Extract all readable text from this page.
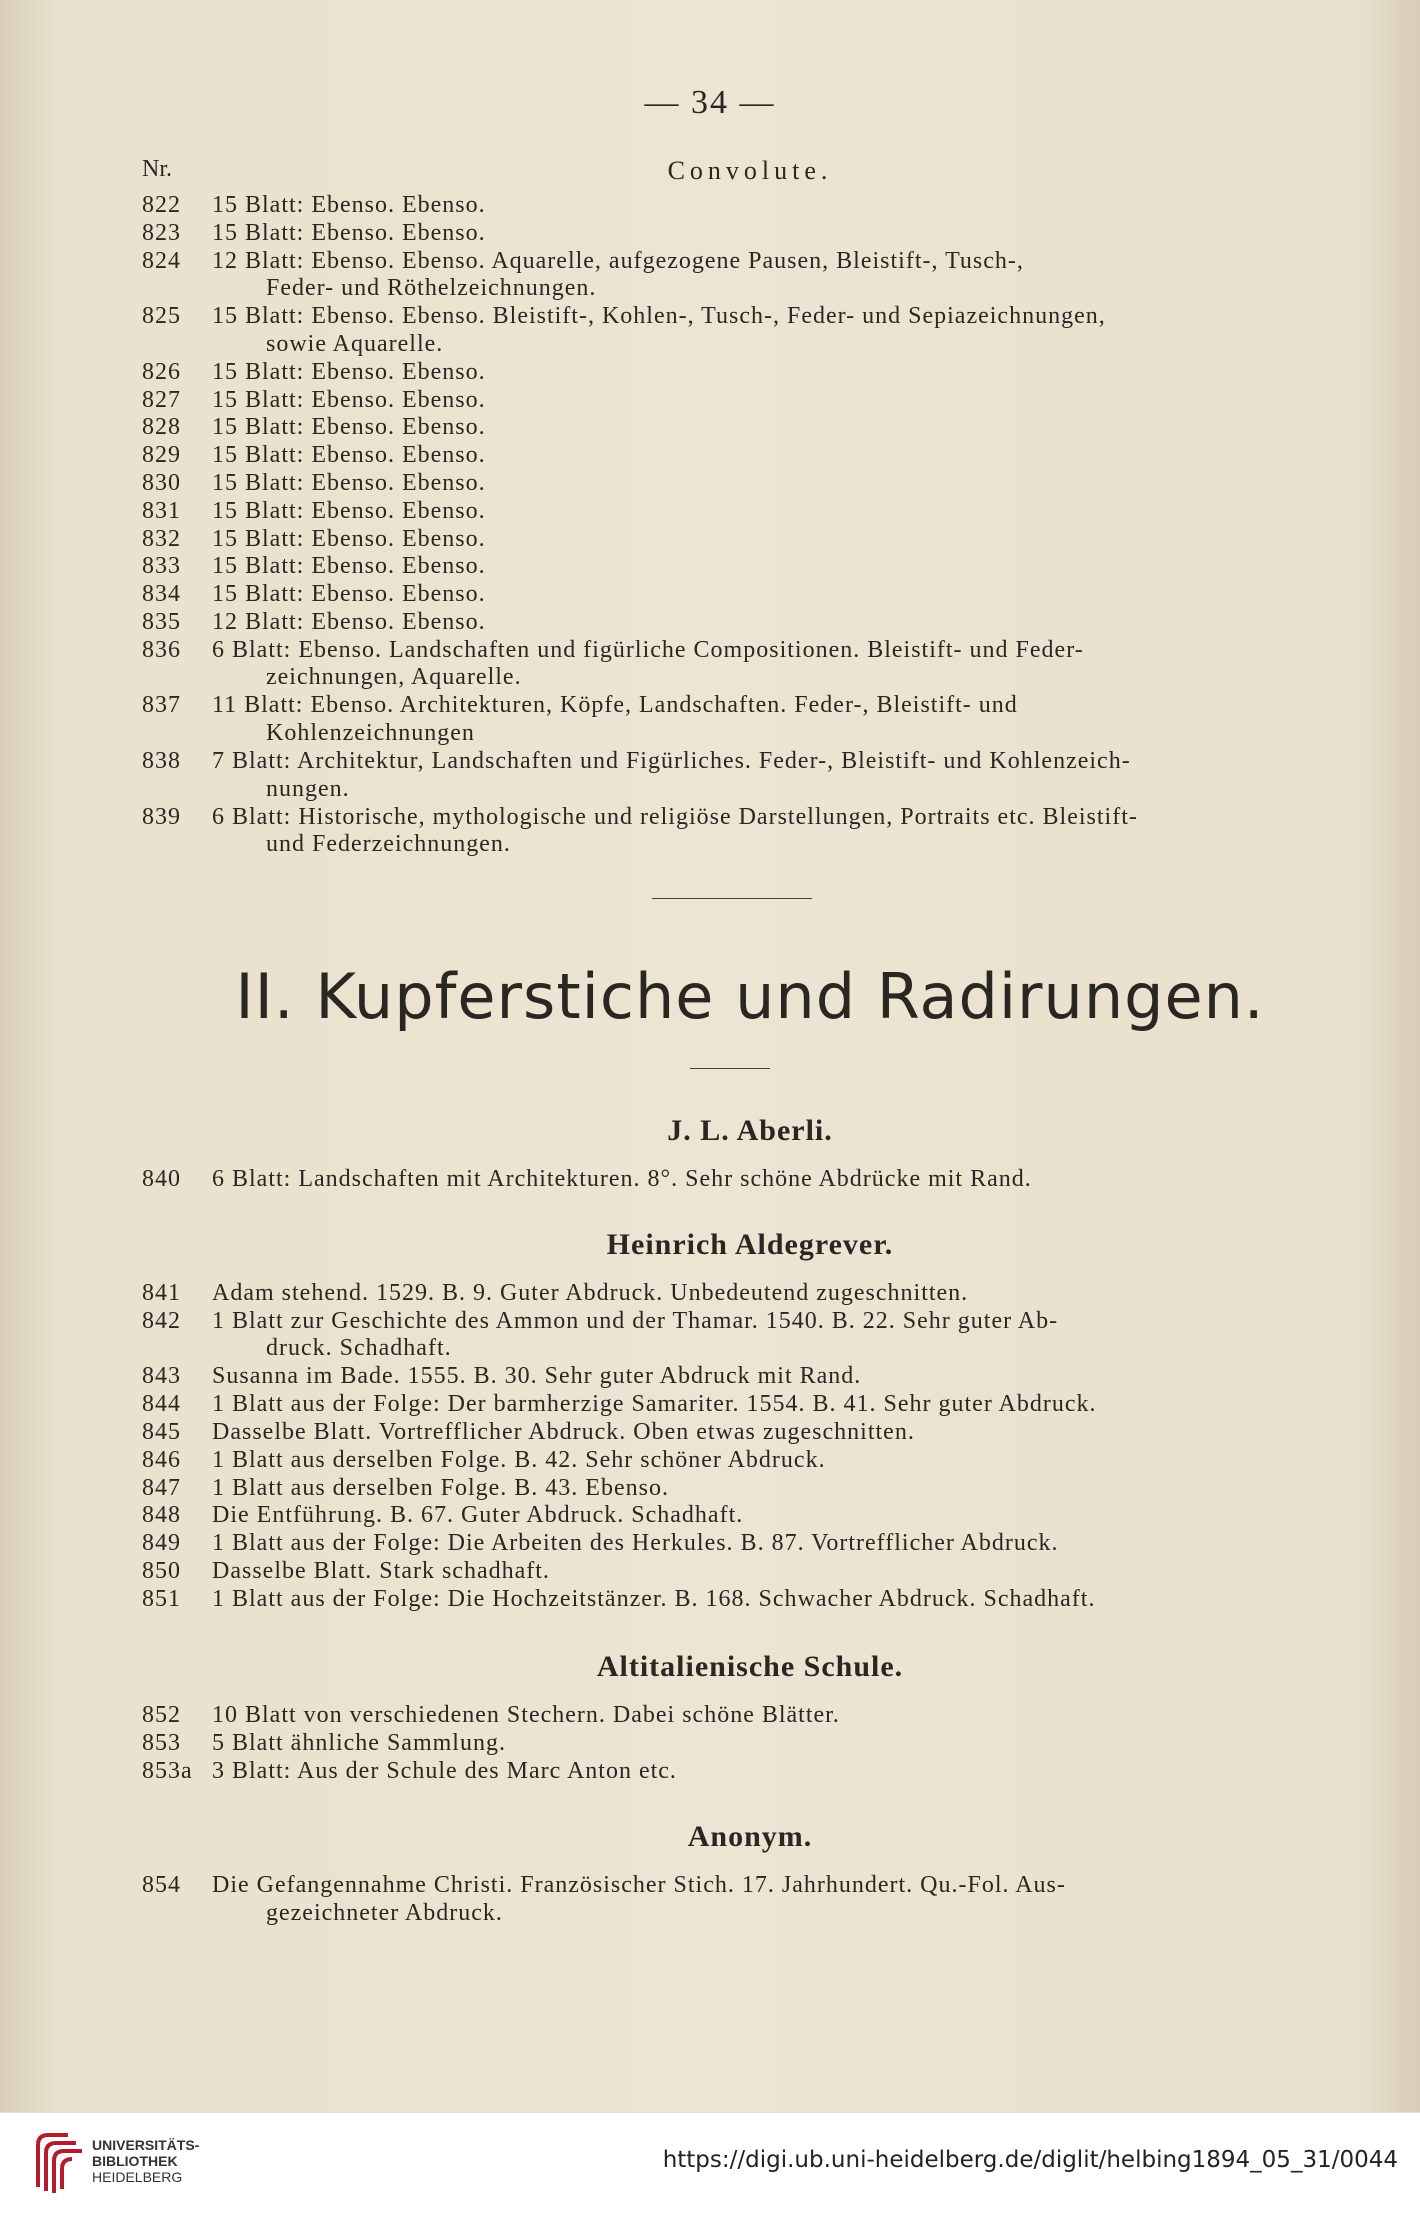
— 34 —
Nr.	Convolute.
822	15 Blatt: Ebenso. Ebenso.
823	15 Blatt: Ebenso. Ebenso.
824	12 Blatt: Ebenso. Ebenso. Aquarelle, aufgezogene Pausen, Bleistift-, Tusch-,
Feder- und Röthelzeichnungen.
825	15 Blatt: Ebenso. Ebenso. Bleistift-, Kohlen-, Tusch-, Feder- und Sepiazeichnungen,
sowie Aquarelle.
826	15 Blatt: Ebenso. Ebenso.
827	15 Blatt: Ebenso. Ebenso.
828	15 Blatt: Ebenso. Ebenso.
829	15 Blatt: Ebenso. Ebenso.
830	15 Blatt: Ebenso. Ebenso.
831	15 Blatt: Ebenso. Ebenso.
832	15 Blatt: Ebenso. Ebenso.
833	15 Blatt: Ebenso. Ebenso.
834	15 Blatt: Ebenso. Ebenso.
835	12 Blatt: Ebenso. Ebenso.
836	6 Blatt: Ebenso. Landschaften und figürliche Compositionen. Bleistift- und Feder-
zeichnungen, Aquarelle.
837	11 Blatt: Ebenso. Architekturen, Köpfe, Landschaften. Feder-, Bleistift- und
Kohlenzeichnungen
838	7 Blatt: Architektur, Landschaften und Figürliches. Feder-, Bleistift- und Kohlenzeich-
nungen.
839	6 Blatt: Historische, mythologische und religiöse Darstellungen, Portraits etc. Bleistift-
und Federzeichnungen.
II. Kupferstiche und Radirungen.
J. L. Aberli.
840	6 Blatt: Landschaften mit Architekturen. 8°. Sehr schöne Abdrücke mit Rand.
Heinrich Aldegrever.
841	Adam stehend. 1529. B. 9. Guter Abdruck. Unbedeutend zugeschnitten.
842	1 Blatt zur Geschichte des Ammon und der Thamar. 1540. B. 22. Sehr guter Ab-
druck. Schadhaft.
843	Susanna im Bade. 1555. B. 30. Sehr guter Abdruck mit Rand.
844	1 Blatt aus der Folge: Der barmherzige Samariter. 1554. B. 41. Sehr guter Abdruck.
845	Dasselbe Blatt. Vortrefflicher Abdruck. Oben etwas zugeschnitten.
846	1 Blatt aus derselben Folge. B. 42. Sehr schöner Abdruck.
847	1 Blatt aus derselben Folge. B. 43. Ebenso.
848	Die Entführung. B. 67. Guter Abdruck. Schadhaft.
849	1 Blatt aus der Folge: Die Arbeiten des Herkules. B. 87. Vortrefflicher Abdruck.
850	Dasselbe Blatt. Stark schadhaft.
851	1 Blatt aus der Folge: Die Hochzeitstänzer. B. 168. Schwacher Abdruck. Schadhaft.
Altitalienische Schule.
852	10 Blatt von verschiedenen Stechern. Dabei schöne Blätter.
853	5 Blatt ähnliche Sammlung.
853a 3 Blatt: Aus der Schule des Marc Anton etc.
Anonym.
854	Die Gefangennahme Christi. Französischer Stich. 17. Jahrhundert. Qu.-Fol. Aus-
gezeichneter Abdruck.
UNIVERSITÄTS-
BIBLIOTHEK
HEIDELBERG
https://digi.ub.uni-heidelberg.de/diglit/helbing1894_05_31/0044
